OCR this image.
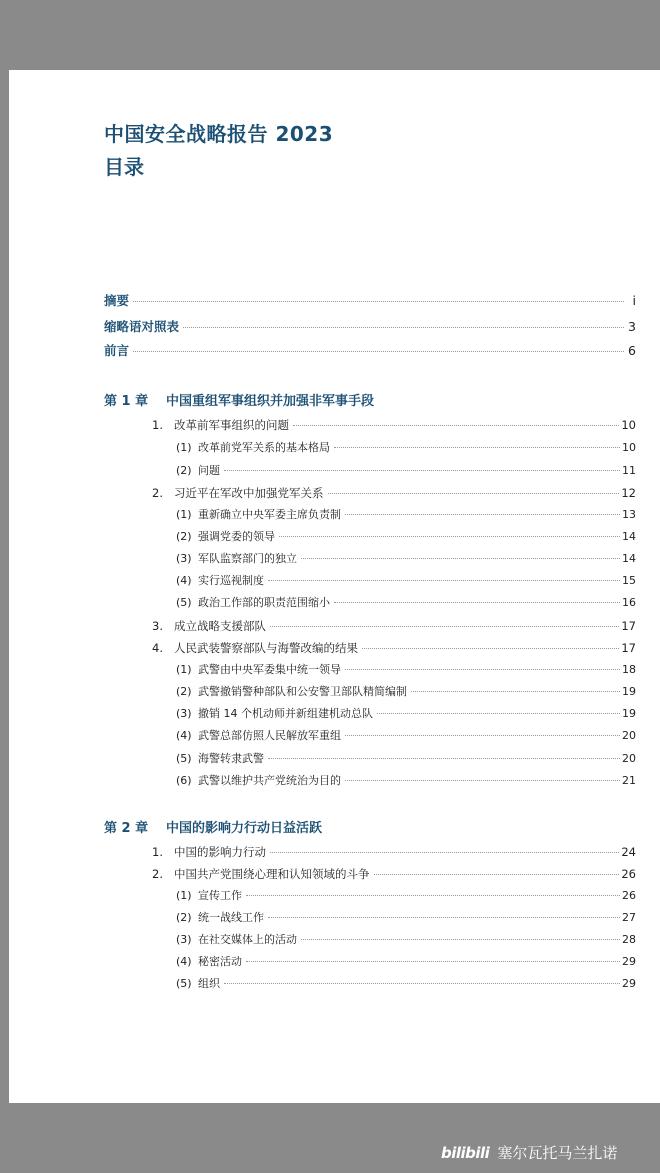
中国安全战略报告 2023
目录
摘要	i
缩略语对照表	3
前言	6
第 1 章 中国重组军事组织并加强非军事手段
1. 改革前军事组织的问题	10
(1) 改革前党军关系的基本格局	10
(2) 问题	11
2. 习近平在军改中加强党军关系	12
(1) 重新确立中央军委主席负责制	13
(2) 强调党委的领导	14
(3) 军队监察部门的独立	14
(4) 实行巡视制度	15
(5) 政治工作部的职责范围缩小	16
3. 成立战略支援部队	17
4. 人民武装警察部队与海警改编的结果	17
(1) 武警由中央军委集中统一领导	18
(2) 武警撤销警种部队和公安警卫部队精简编制	19
(3) 撤销 14 个机动师并新组建机动总队	19
(4) 武警总部仿照人民解放军重组	20
(5) 海警转隶武警	20
(6) 武警以维护共产党统治为目的	21
第 2 章 中国的影响力行动日益活跃
1. 中国的影响力行动	24
2. 中国共产党围绕心理和认知领域的斗争	26
(1) 宣传工作	26
(2) 统一战线工作	27
(3) 在社交媒体上的活动	28
(4) 秘密活动	29
(5) 组织	29
bilibili 塞尔瓦托马兰扎诺
